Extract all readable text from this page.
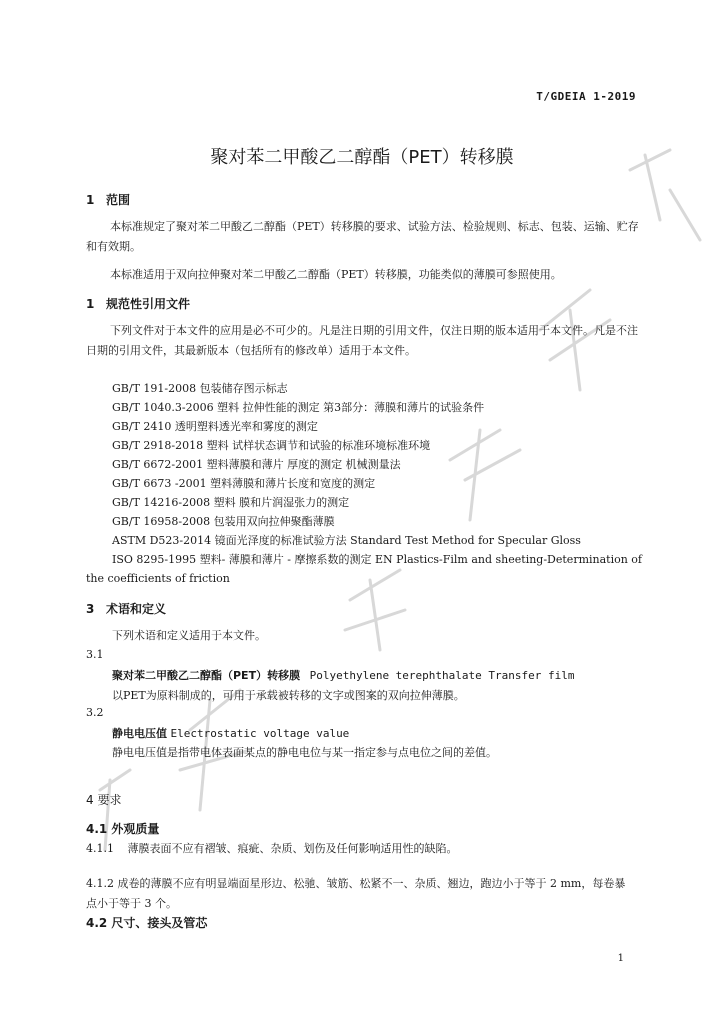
T/GDEIA 1-2019
聚对苯二甲酸乙二醇酯（PET）转移膜
1 范围
本标准规定了聚对苯二甲酸乙二醇酯（PET）转移膜的要求、试验方法、检验规则、标志、包装、运输、贮存和有效期。
本标准适用于双向拉伸聚对苯二甲酸乙二醇酯（PET）转移膜，功能类似的薄膜可参照使用。
1 规范性引用文件
下列文件对于本文件的应用是必不可少的。凡是注日期的引用文件，仅注日期的版本适用于本文件。凡是不注日期的引用文件，其最新版本（包括所有的修改单）适用于本文件。
GB/T 191-2008 包装储存图示标志
GB/T 1040.3-2006 塑料 拉伸性能的测定 第3部分：薄膜和薄片的试验条件
GB/T 2410 透明塑料透光率和雾度的测定
GB/T 2918-2018 塑料 试样状态调节和试验的标准环境标准环境
GB/T 6672-2001 塑料薄膜和薄片 厚度的测定 机械测量法
GB/T 6673 -2001 塑料薄膜和薄片长度和宽度的测定
GB/T 14216-2008 塑料 膜和片润湿张力的测定
GB/T 16958-2008 包装用双向拉伸聚酯薄膜
ASTM D523-2014 镜面光泽度的标准试验方法 Standard Test Method for Specular Gloss
ISO 8295-1995 塑料- 薄膜和薄片 - 摩擦系数的测定 EN Plastics-Film and sheeting-Determination of the coefficients of friction
3 术语和定义
下列术语和定义适用于本文件。
3.1
聚对苯二甲酸乙二醇酯（PET）转移膜 Polyethylene terephthalate Transfer film
以PET为原料制成的，可用于承载被转移的文字或图案的双向拉伸薄膜。
3.2
静电电压值 Electrostatic voltage value
静电电压值是指带电体表面某点的静电电位与某一指定参与点电位之间的差值。
4 要求
4.1 外观质量
4.1.1 薄膜表面不应有褶皱、痕疵、杂质、划伤及任何影响适用性的缺陷。
4.1.2 成卷的薄膜不应有明显端面星形边、松驰、皱筋、松紧不一、杂质、翘边，跑边小于等于 2 mm，每卷暴点小于等于 3 个。
4.2 尺寸、接头及管芯
1
